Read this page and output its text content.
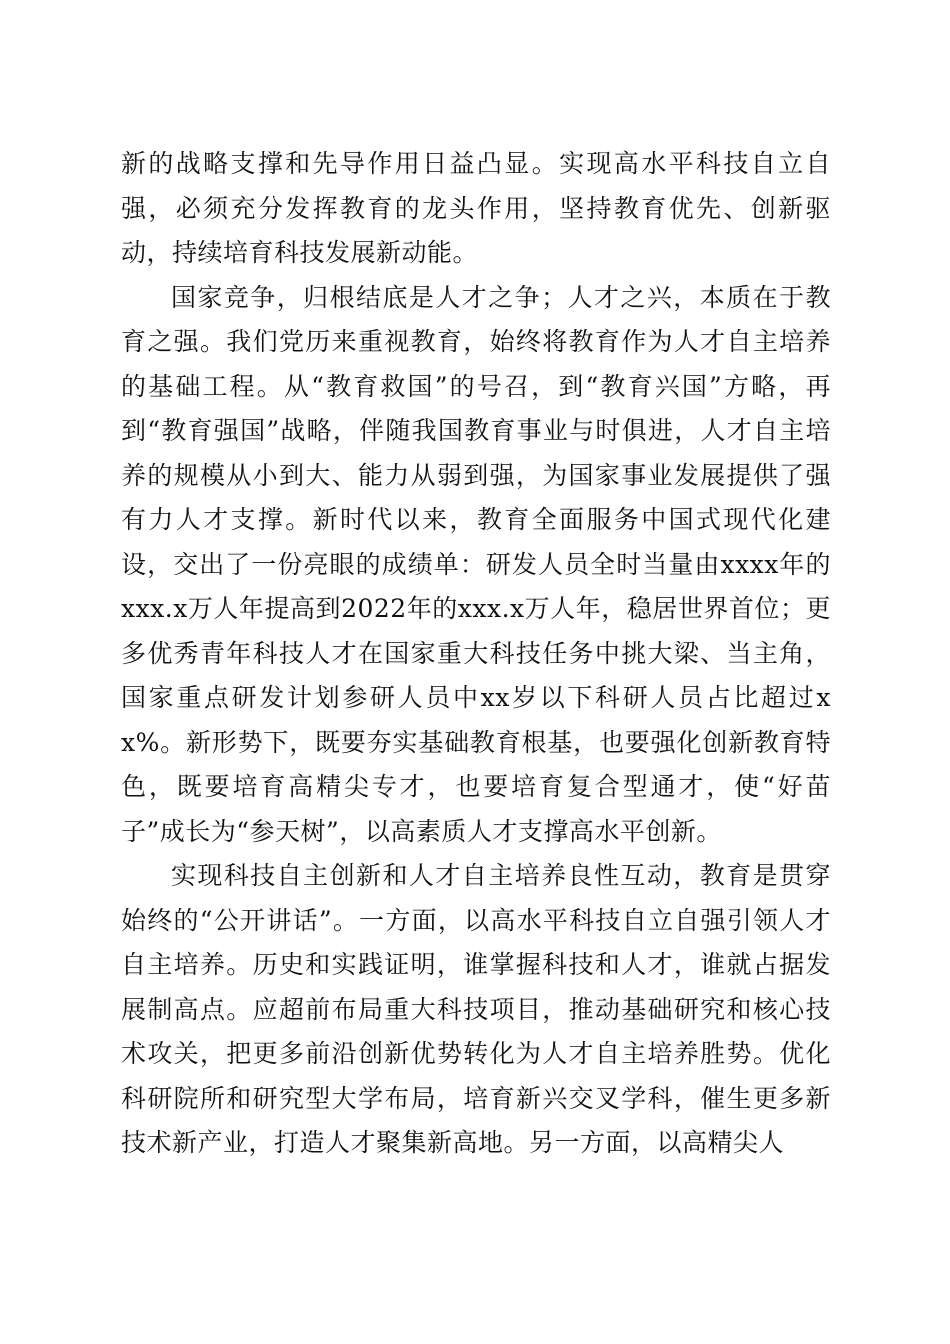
新的战略支撑和先导作用日益凸显。实现高水平科技自立自强，必须充分发挥教育的龙头作用，坚持教育优先、创新驱动，持续培育科技发展新动能。

国家竞争，归根结底是人才之争；人才之兴，本质在于教育之强。我们党历来重视教育，始终将教育作为人才自主培养的基础工程。从“教育救国”的号召，到“教育兴国”方略，再到“教育强国”战略，伴随我国教育事业与时俱进，人才自主培养的规模从小到大、能力从弱到强，为国家事业发展提供了强有力人才支撑。新时代以来，教育全面服务中国式现代化建设，交出了一份亮眼的成绩单：研发人员全时当量由xxxx年的xxx.x万人年提高到2022年的xxx.x万人年，稳居世界首位；更多优秀青年科技人才在国家重大科技任务中挑大梁、当主角，国家重点研发计划参研人员中xx岁以下科研人员占比超过xx%。新形势下，既要夯实基础教育根基，也要强化创新教育特色，既要培育高精尖专才，也要培育复合型通才，使“好苗子”成长为“参天树”，以高素质人才支撑高水平创新。

实现科技自主创新和人才自主培养良性互动，教育是贯穿始终的“公开讲话”。一方面，以高水平科技自立自强引领人才自主培养。历史和实践证明，谁掌握科技和人才，谁就占据发展制高点。应超前布局重大科技项目，推动基础研究和核心技术攻关，把更多前沿创新优势转化为人才自主培养胜势。优化科研院所和研究型大学布局，培育新兴交叉学科，催生更多新技术新产业，打造人才聚集新高地。另一方面，以高精尖人
